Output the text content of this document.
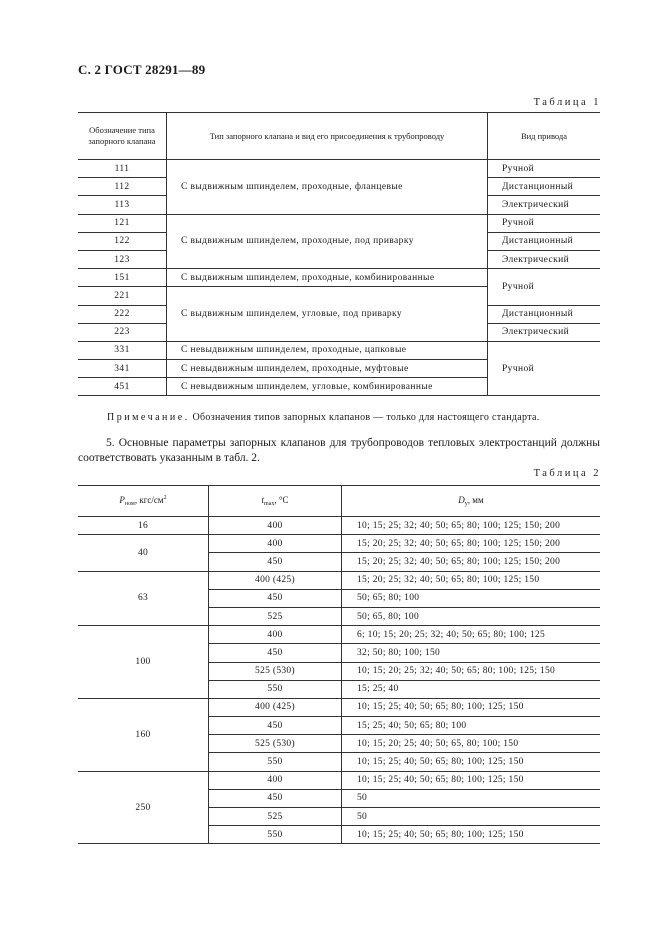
С. 2 ГОСТ 28291—89
Таблица 1
Обозначение типа запорного клапана	Тип запорного клапана и вид его присоединения к трубопроводу	Вид привода
111	С выдвижным шпинделем, проходные, фланцевые	Ручной
112		Дистанционный
113		Электрический
121	С выдвижным шпинделем, проходные, под приварку	Ручной
122		Дистанционный
123		Электрический
151	С выдвижным шпинделем, проходные, комбинированные	Ручной
221	С выдвижным шпинделем, угловые, под приварку	
222		Дистанционный
223		Электрический
331	С невыдвижным шпинделем, проходные, цапковые	Ручной
341	С невыдвижным шпинделем, проходные, муфтовые	
451	С невыдвижным шпинделем, угловые, комбинированные	
Примечание. Обозначения типов запорных клапанов — только для настоящего стандарта.
5. Основные параметры запорных клапанов для трубопроводов тепловых электростанций должны соответствовать указанным в табл. 2.
Таблица 2
$P_{ном}$, кгс/$см^2$	$t_{max}$, °С	$D_у$, мм
16	400	10; 15; 25; 32; 40; 50; 65; 80; 100; 125; 150; 200
40	400	15; 20; 25; 32; 40; 50; 65; 80; 100; 125; 150; 200
	450	15; 20; 25; 32; 40; 50; 65; 80; 100; 125; 150; 200
63	400 (425)	15; 20; 25; 32; 40; 50; 65; 80; 100; 125; 150
	450	50; 65; 80; 100
	525	50; 65, 80; 100
100	400	6; 10; 15; 20; 25; 32; 40; 50; 65; 80; 100; 125
	450	32; 50; 80; 100; 150
	525 (530)	10; 15; 20; 25; 32; 40; 50; 65; 80; 100; 125; 150
	550	15; 25; 40
160	400 (425)	10; 15; 25; 40; 50; 65; 80; 100; 125; 150
	450	15; 25; 40; 50; 65; 80; 100
	525 (530)	10; 15; 20; 25; 40; 50; 65, 80; 100; 150
	550	10; 15; 25; 40; 50; 65; 80; 100; 125; 150
250	400	10; 15; 25; 40; 50; 65; 80; 100; 125; 150
	450	50
	525	50
	550	10; 15; 25; 40; 50; 65; 80; 100; 125; 150
